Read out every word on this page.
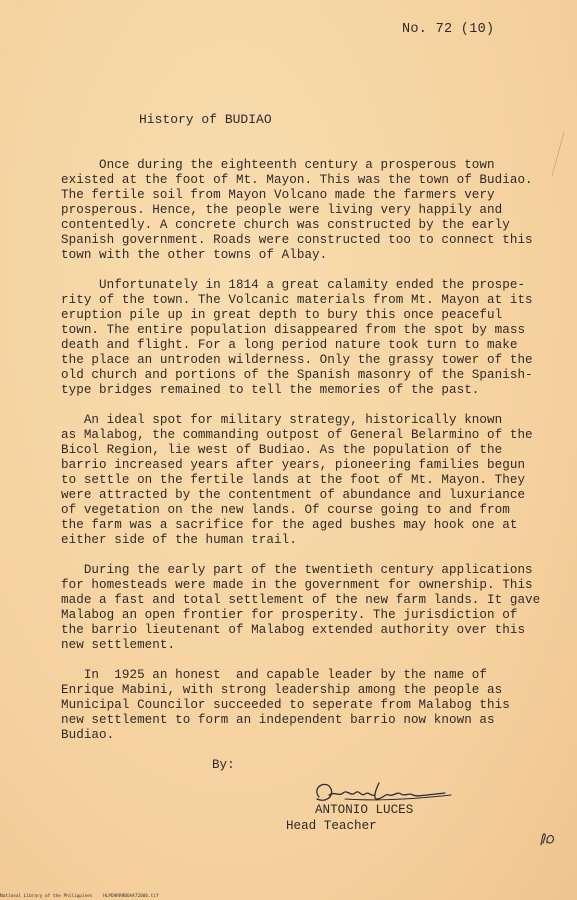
No. 72 (10)
History of BUDIAO

Once during the eighteenth century a prosperous town
existed at the foot of Mt. Mayon. This was the town of Budiao.
The fertile soil from Mayon Volcano made the farmers very
prosperous. Hence, the people were living very happily and
contentedly. A concrete church was constructed by the early
Spanish government. Roads were constructed too to connect this
town with the other towns of Albay.

Unfortunately in 1814 a great calamity ended the prospe-
rity of the town. The Volcanic materials from Mt. Mayon at its
eruption pile up in great depth to bury this once peaceful
town. The entire population disappeared from the spot by mass
death and flight. For a long period nature took turn to make
the place an untroden wilderness. Only the grassy tower of the
old church and portions of the Spanish masonry of the Spanish-
type bridges remained to tell the memories of the past.

An ideal spot for military strategy, historically known
as Malabog, the commanding outpost of General Belarmino of the
Bicol Region, lie west of Budiao. As the population of the
barrio increased years after years, pioneering families begun
to settle on the fertile lands at the foot of Mt. Mayon. They
were attracted by the contentment of abundance and luxuriance
of vegetation on the new lands. Of course going to and from
the farm was a sacrifice for the aged bushes may hook one at
either side of the human trail.

During the early part of the twentieth century applications
for homesteads were made in the government for ownership. This
made a fast and total settlement of the new farm lands. It gave
Malabog an open frontier for prosperity. The jurisdiction of
the barrio lieutenant of Malabog extended authority over this
new settlement.

In  1925 an honest  and capable leader by the name of
Enrique Mabini, with strong leadership among the people as
Municipal Councilor succeeded to seperate from Malabog this
new settlement to form an independent barrio now known as
Budiao.

By:
ANTONIO LUCES
Head Teacher
National Library of the Philippines    HLPDHRRRBOAA72006.tif
